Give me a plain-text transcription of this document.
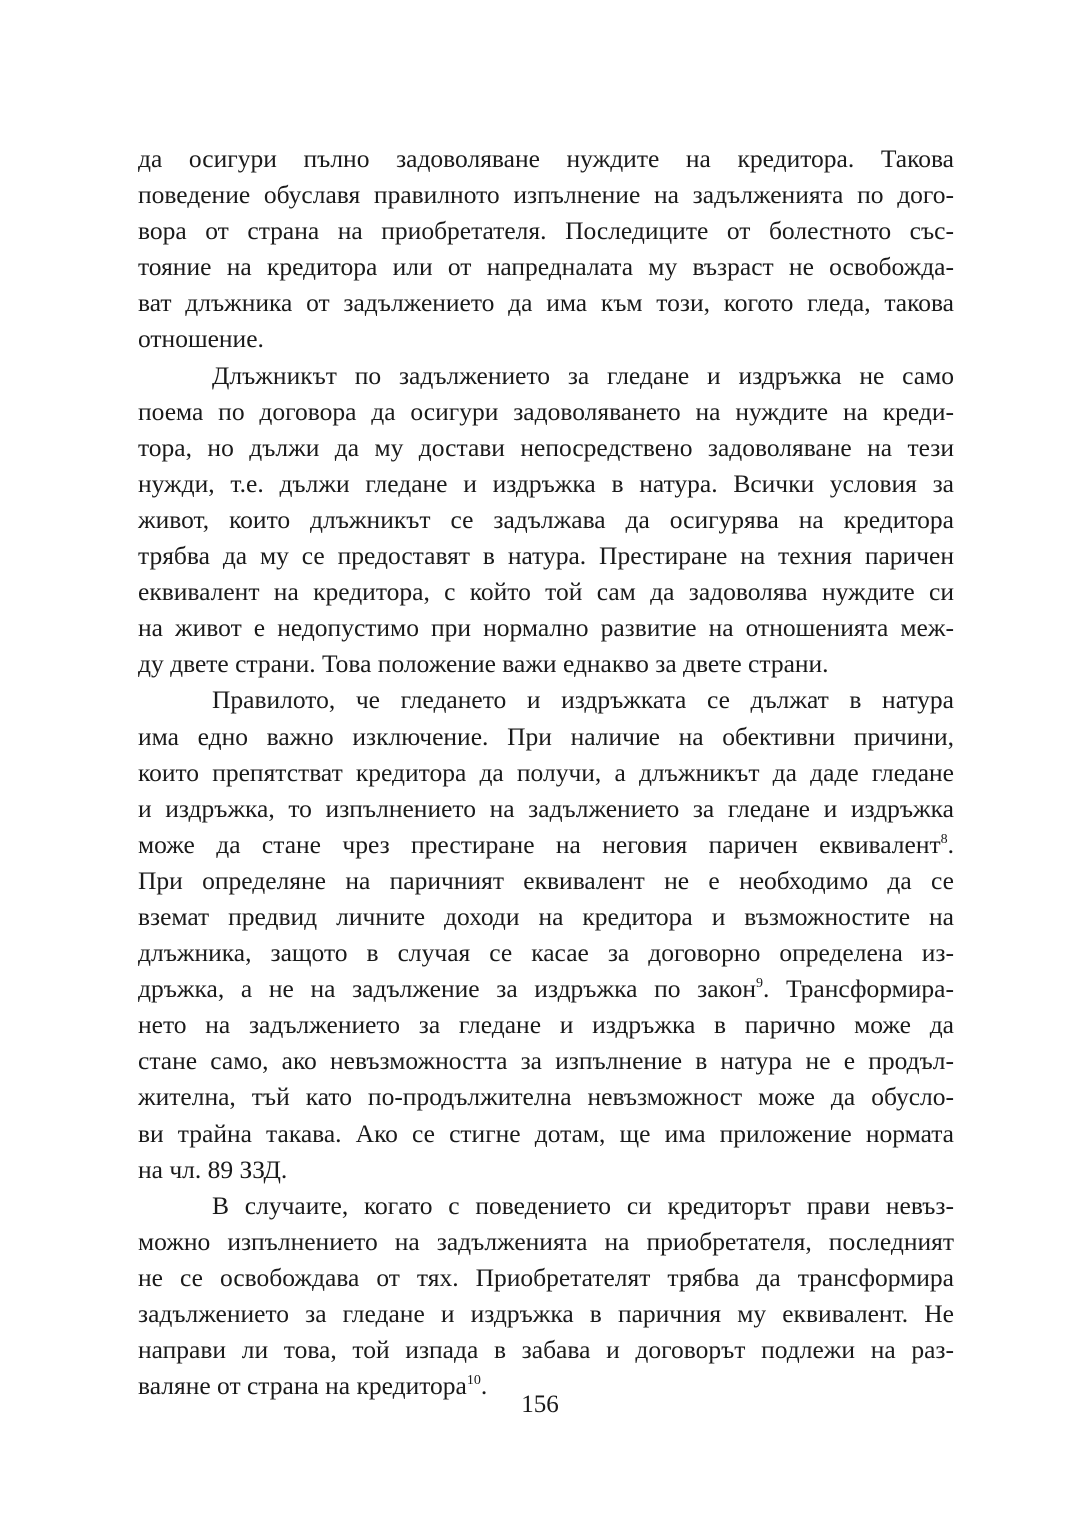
да осигури пълно задоволяване нуждите на кредитора. Такова
поведение обуславя правилното изпълнение на задълженията по дого-
вора от страна на приобретателя. Последиците от болестното със-
тояние на кредитора или от напредналата му възраст не освобожда-
ват длъжника от задължението да има към този, когото гледа, такова
отношение.
Длъжникът по задължението за гледане и издръжка не само
поема по договора да осигури задоволяването на нуждите на креди-
тора, но дължи да му достави непосредствено задоволяване на тези
нужди, т.е. дължи гледане и издръжка в натура. Всички условия за
живот, които длъжникът се задължава да осигурява на кредитора
трябва да му се предоставят в натура. Престиране на техния паричен
еквивалент на кредитора, с който той сам да задоволява нуждите си
на живот е недопустимо при нормално развитие на отношенията меж-
ду двете страни. Това положение важи еднакво за двете страни.
Правилото, че гледането и издръжката се дължат в натура
има едно важно изключение. При наличие на обективни причини,
които препятстват кредитора да получи, а длъжникът да даде гледане
и издръжка, то изпълнението на задължението за гледане и издръжка
може да стане чрез престиране на неговия паричен еквивалент$^8$.
При определяне на паричният еквивалент не е необходимо да се
вземат предвид личните доходи на кредитора и възможностите на
длъжника, защото в случая се касае за договорно определена из-
дръжка, а не на задължение за издръжка по закон$^9$. Трансформира-
нето на задължението за гледане и издръжка в парично може да
стане само, ако невъзможността за изпълнение в натура не е продъл-
жителна, тъй като по-продължителна невъзможност може да обусло-
ви трайна такава. Ако се стигне дотам, ще има приложение нормата
на чл. 89 ЗЗД.
В случаите, когато с поведението си кредиторът прави невъз-
можно изпълнението на задълженията на приобретателя, последният
не се освобождава от тях. Приобретателят трябва да трансформира
задължението за гледане и издръжка в паричния му еквивалент. Не
направи ли това, той изпада в забава и договорът подлежи на раз-
валяне от страна на кредитора$^{10}$.
156
